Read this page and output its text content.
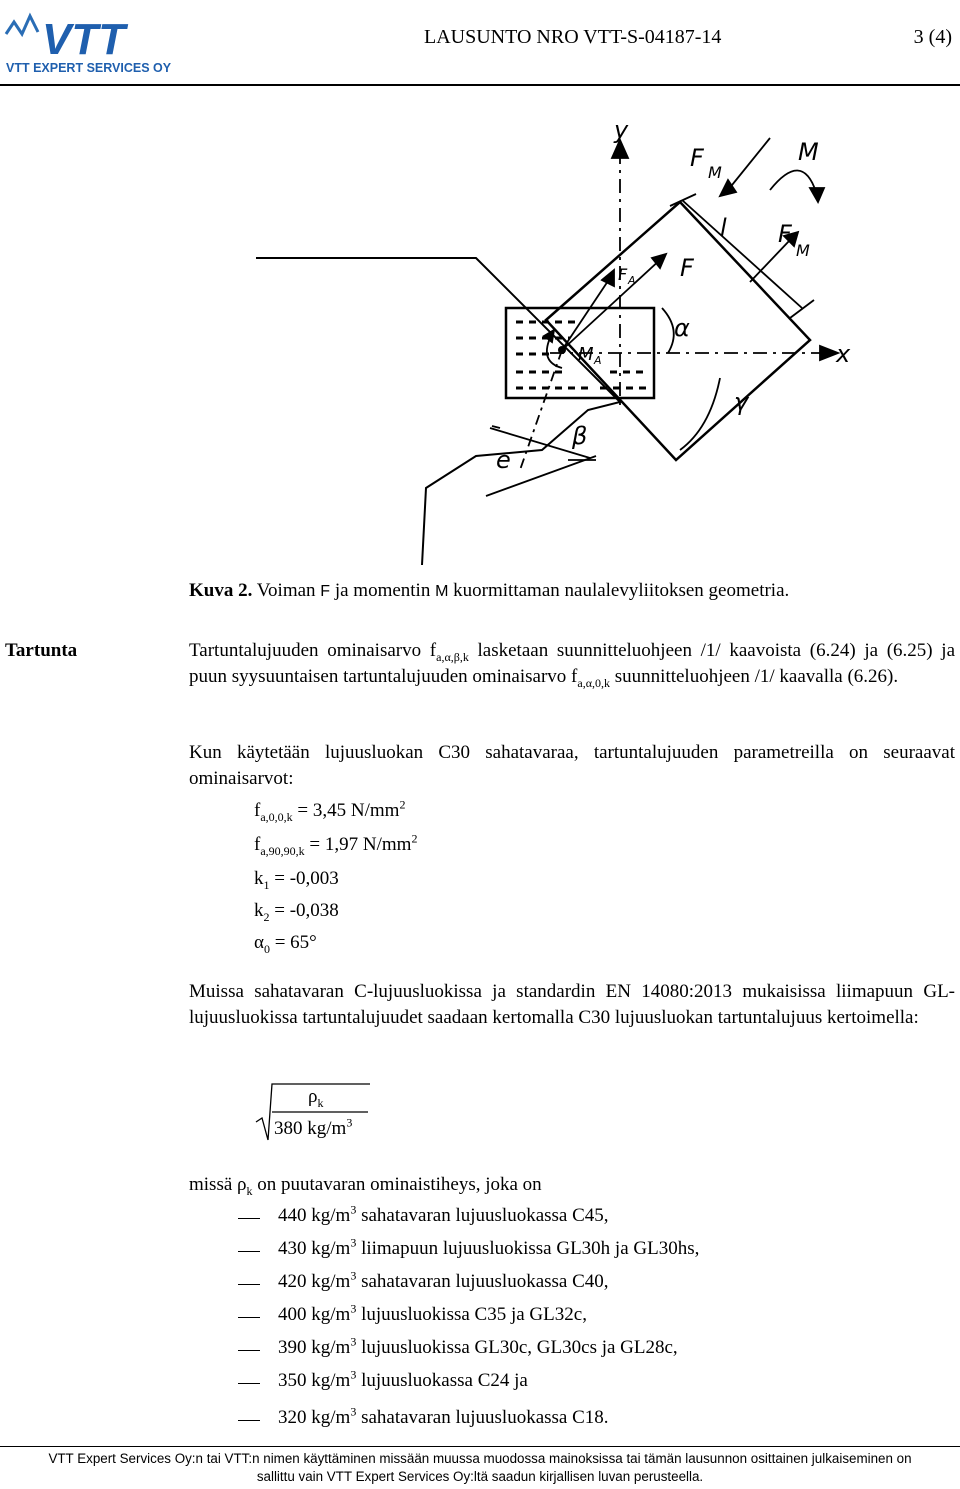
VTT
VTT EXPERT SERVICES OY
LAUSUNTO NRO VTT-S-04187-14	3 (4)
y
x
F
M
M
F A F
l F
M
M A
α
γ
β
e
Kuva 2. Voiman F ja momentin M kuormittaman naulalevyliitoksen geometria.
Tartunta	Tartuntalujuuden ominaisarvo $f_{a,\alpha,\beta,k}$ lasketaan suunnitteluohjeen /1/ kaavoista (6.24) ja (6.25) ja puun syysuuntaisen tartuntalujuuden ominaisarvo $f_{a,\alpha,0,k}$ suunnitteluohjeen /1/ kaavalla (6.26).
Kun käytetään lujuusluokan C30 sahatavaraa, tartuntalujuuden parametreilla on seuraavat ominaisarvot:
$f_{a,0,0,k} = 3,45$ $N/mm^2$
$f_{a,90,90,k} = 1,97$ $N/mm^2$
$k_1 = -0,003$
$k_2 = -0,038$
$\alpha_0 = 65^\circ$
Muissa sahatavaran C-lujuusluokissa ja standardin EN 14080:2013 mukaisissa liimapuun GL-lujuusluokissa tartuntalujuudet saadaan kertomalla C30 lujuusluokan tartuntalujuus kertoimella:
$\rho_k$
380 $kg/m^3$
missä $\rho_k$ on puutavaran ominaistiheys, joka on
440 $kg/m^3$ sahatavaran lujuusluokassa C45,
430 $kg/m^3$ liimapuun lujuusluokissa GL30h ja GL30hs,
420 $kg/m^3$ sahatavaran lujuusluokassa C40,
400 $kg/m^3$ lujuusluokissa C35 ja GL32c,
390 $kg/m^3$ lujuusluokissa GL30c, GL30cs ja GL28c,
350 $kg/m^3$ lujuusluokassa C24 ja
320 $kg/m^3$ sahatavaran lujuusluokassa C18.
VTT Expert Services Oy:n tai VTT:n nimen käyttäminen missään muussa muodossa mainoksissa tai tämän lausunnon osittainen julkaiseminen on
sallittu vain VTT Expert Services Oy:ltä saadun kirjallisen luvan perusteella.
